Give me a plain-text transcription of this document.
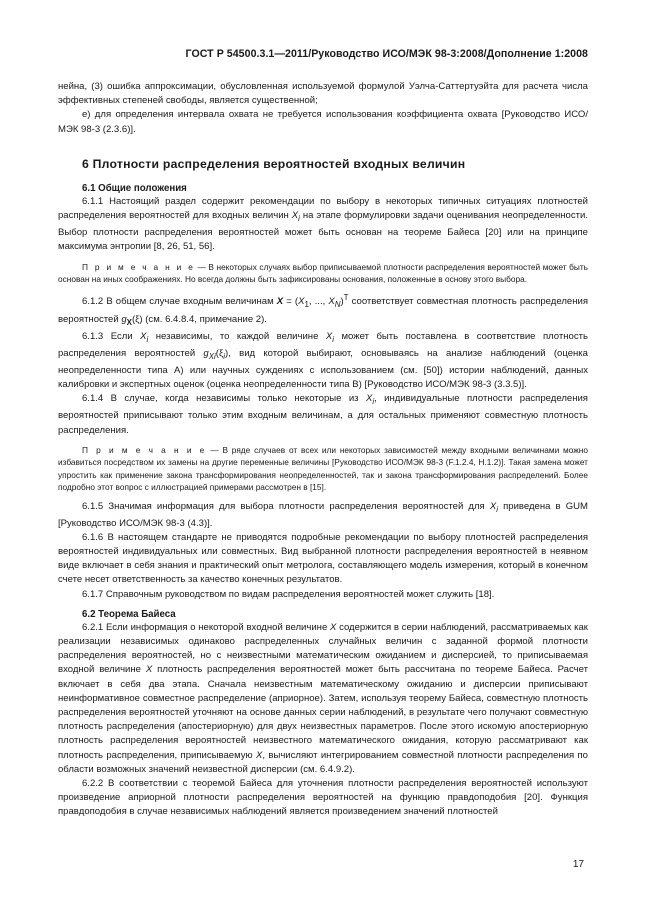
ГОСТ Р 54500.3.1—2011/Руководство ИСО/МЭК 98-3:2008/Дополнение 1:2008

нейна, (3) ошибка аппроксимации, обусловленная используемой формулой Уэлча-Саттертуэйта для расчета числа эффективных степеней свободы, является существенной;

е) для определения интервала охвата не требуется использования коэффициента охвата [Руководство ИСО/МЭК 98-3 (2.3.6)].

6 Плотности распределения вероятностей входных величин
6.1 Общие положения

6.1.1 Настоящий раздел содержит рекомендации по выбору в некоторых типичных ситуациях плотностей распределения вероятностей для входных величин $X_i$ на этапе формулировки задачи оценивания неопределенности. Выбор плотности распределения вероятностей может быть основан на теореме Байеса [20] или на принципе максимума энтропии [8, 26, 51, 56].

П р и м е ч а н и е — В некоторых случаях выбор приписываемой плотности распределения вероятностей может быть основан на иных соображениях. Но всегда должны быть зафиксированы основания, положенные в основу этого выбора.

6.1.2 В общем случае входным величинам $X = (X_1$, ..., $X_N)^T$ соответствует совместная плотность распределения вероятностей $g_X(\xi)$ (см. 6.4.8.4, примечание 2).

6.1.3 Если $X_i$ независимы, то каждой величине $X_i$ может быть поставлена в соответствие плотность распределения вероятностей $g_{Xi}(\xi_i)$, вид которой выбирают, основываясь на анализе наблюдений (оценка неопределенности типа А) или научных суждениях с использованием (см. [50]) истории наблюдений, данных калибровки и экспертных оценок (оценка неопределенности типа В) [Руководство ИСО/МЭК 98-3 (3.3.5)].

6.1.4 В случае, когда независимы только некоторые из $X_i$, индивидуальные плотности распределения вероятностей приписывают только этим входным величинам, а для остальных применяют совместную плотность распределения.

П р и м е ч а н и е — В ряде случаев от всех или некоторых зависимостей между входными величинами можно избавиться посредством их замены на другие переменные величины [Руководство ИСО/МЭК 98-3 (F.1.2.4, Н.1.2)]. Такая замена может упростить как применение закона трансформирования неопределенностей, так и закона трансформирования распределений. Более подробно этот вопрос с иллюстрацией примерами рассмотрен в [15].

6.1.5 Значимая информация для выбора плотности распределения вероятностей для $X_i$ приведена в GUM [Руководство ИСО/МЭК 98-3 (4.3)].

6.1.6 В настоящем стандарте не приводятся подробные рекомендации по выбору плотностей распределения вероятностей индивидуальных или совместных. Вид выбранной плотности распределения вероятностей в неявном виде включает в себя знания и практический опыт метролога, составляющего модель измерения, который в конечном счете несет ответственность за качество конечных результатов.

6.1.7 Справочным руководством по видам распределения вероятностей может служить [18].

6.2 Теорема Байеса

6.2.1 Если информация о некоторой входной величине X содержится в серии наблюдений, рассматриваемых как реализации независимых одинаково распределенных случайных величин с заданной формой плотности распределения вероятностей, но с неизвестными математическим ожиданием и дисперсией, то приписываемая входной величине X плотность распределения вероятностей может быть рассчитана по теореме Байеса. Расчет включает в себя два этапа. Сначала неизвестным математическому ожиданию и дисперсии приписывают неинформативное совместное распределение (априорное). Затем, используя теорему Байеса, совместную плотность распределения вероятностей уточняют на основе данных серии наблюдений, в результате чего получают совместную плотность распределения (апостериорную) для двух неизвестных параметров. После этого искомую апостериорную плотность распределения вероятностей неизвестного математического ожидания, которую рассматривают как плотность распределения, приписываемую X, вычисляют интегрированием совместной плотности распределения по области возможных значений неизвестной дисперсии (см. 6.4.9.2).

6.2.2 В соответствии с теоремой Байеса для уточнения плотности распределения вероятностей используют произведение априорной плотности распределения вероятностей на функцию правдоподобия [20]. Функция правдоподобия в случае независимых наблюдений является произведением значений плотностей

17
